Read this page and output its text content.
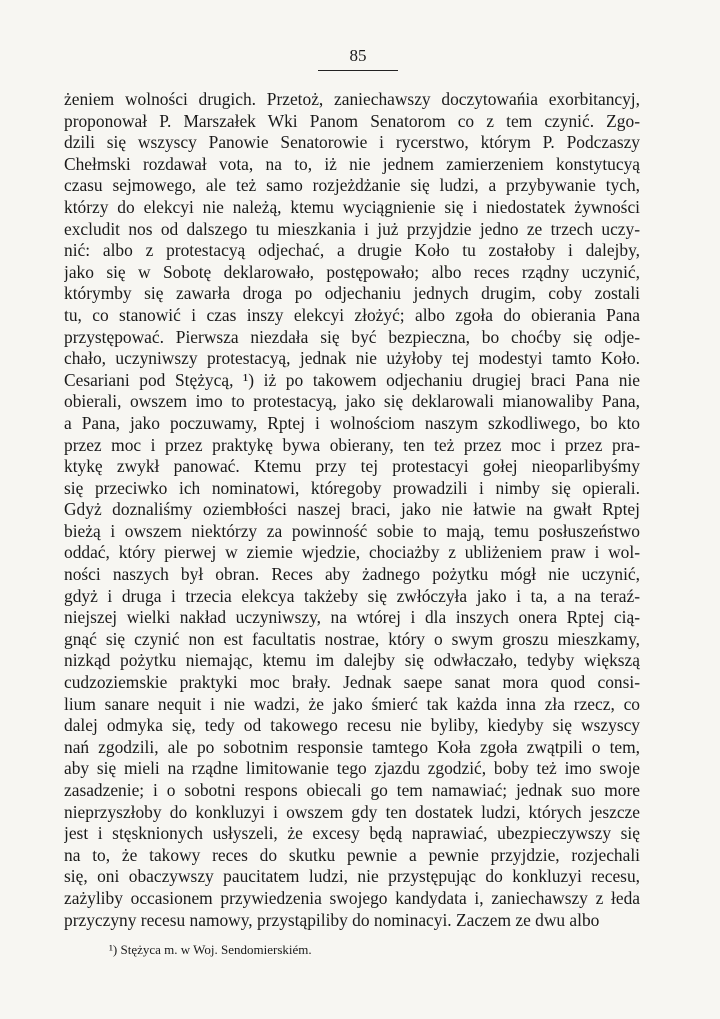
85
żeniem wolności drugich. Przetoż, zaniechawszy doczytowańia exorbitancyj,
proponował P. Marszałek Wki Panom Senatorom co z tem czynić. Zgo-
dzili się wszyscy Panowie Senatorowie i rycerstwo, którym P. Podczaszy
Chełmski rozdawał vota, na to, iż nie jednem zamierzeniem konstytucyą
czasu sejmowego, ale też samo rozjeżdżanie się ludzi, a przybywanie tych,
którzy do elekcyi nie należą, ktemu wyciągnienie się i niedostatek żywności
excludit nos od dalszego tu mieszkania i już przyjdzie jedno ze trzech uczy-
nić: albo z protestacyą odjechać, a drugie Koło tu zostałoby i dalejby,
jako się w Sobotę deklarowało, postępowało; albo reces rządny uczynić,
którymby się zawarła droga po odjechaniu jednych drugim, coby zostali
tu, co stanowić i czas inszy elekcyi złożyć; albo zgoła do obierania Pana
przystępować. Pierwsza niezdała się być bezpieczna, bo choćby się odje-
chało, uczyniwszy protestacyą, jednak nie użyłoby tej modestyi tamto Koło.
Cesariani pod Stężycą, ¹) iż po takowem odjechaniu drugiej braci Pana nie
obierali, owszem imo to protestacyą, jako się deklarowali mianowaliby Pana,
a Pana, jako poczuwamy, Rptej i wolnościom naszym szkodliwego, bo kto
przez moc i przez praktykę bywa obierany, ten też przez moc i przez pra-
ktykę zwykł panować. Ktemu przy tej protestacyi gołej nieoparlibyśmy
się przeciwko ich nominatowi, któregoby prowadzili i nimby się opierali.
Gdyż doznaliśmy oziembłości naszej braci, jako nie łatwie na gwałt Rptej
bieżą i owszem niektórzy za powinność sobie to mają, temu posłuszeństwo
oddać, który pierwej w ziemie wjedzie, chociażby z ubliżeniem praw i wol-
ności naszych był obran. Reces aby żadnego pożytku mógł nie uczynić,
gdyż i druga i trzecia elekcya takżeby się zwłóczyła jako i ta, a na teraź-
niejszej wielki nakład uczyniwszy, na wtórej i dla inszych onera Rptej cią-
gnąć się czynić non est facultatis nostrae, który o swym groszu mieszkamy,
nizkąd pożytku niemając, ktemu im dalejby się odwłaczało, tedyby większą
cudzoziemskie praktyki moc brały. Jednak saepe sanat mora quod consi-
lium sanare nequit i nie wadzi, że jako śmierć tak każda inna zła rzecz, co
dalej odmyka się, tedy od takowego recesu nie byliby, kiedyby się wszyscy
nań zgodzili, ale po sobotnim responsie tamtego Koła zgoła zwątpili o tem,
aby się mieli na rządne limitowanie tego zjazdu zgodzić, boby też imo swoje
zasadzenie; i o sobotni respons obiecali go tem namawiać; jednak suo more
nieprzyszłoby do konkluzyi i owszem gdy ten dostatek ludzi, których jeszcze
jest i stęsknionych usłyszeli, że excesy będą naprawiać, ubezpieczywszy się
na to, że takowy reces do skutku pewnie a pewnie przyjdzie, rozjechali
się, oni obaczywszy paucitatem ludzi, nie przystępując do konkluzyi recesu,
zażyliby occasionem przywiedzenia swojego kandydata i, zaniechawszy z łeda
przyczyny recesu namowy, przystąpiliby do nominacyi. Zaczem ze dwu albo
¹) Stężyca m. w Woj. Sendomierskiém.
